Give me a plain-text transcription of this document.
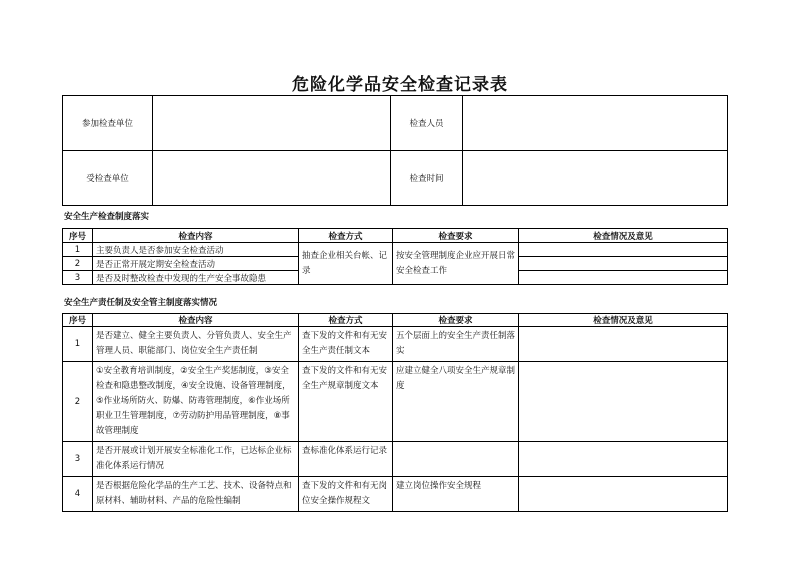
危险化学品安全检查记录表
参加检查单位		检查人员	
受检查单位		检查时间	
安全生产检查制度落实
序号	检查内容	检查方式	检查要求	检查情况及意见
1	主要负责人是否参加安全检查活动	抽查企业相关台帐、记录	按安全管理制度企业应开展日常安全检查工作	
2	是否正常开展定期安全检查活动			
3	是否及时整改检查中发现的生产安全事故隐患			
安全生产责任制及安全管主制度落实情况
序号	检查内容	检查方式	检查要求	检查情况及意见
1	是否建立、健全主要负责人、分管负责人、安全生产管理人员、职能部门、岗位安全生产责任制	查下发的文件和有无安全生产责任制文本	五个层面上的安全生产责任制落实	
2	①安全教育培训制度，②安全生产奖惩制度，③安全检查和隐患整改制度，④安全设施、设备管理制度，⑤作业场所防火、防爆、防毒管理制度，⑥作业场所职业卫生管理制度，⑦劳动防护用品管理制度，⑧事故管理制度	查下发的文件和有无安全生产规章制度文本	应建立健全八项安全生产规章制度	
3	是否开展或计划开展安全标准化工作，已达标企业标准化体系运行情况	查标准化体系运行记录		
4	是否根据危险化学品的生产工艺、技术、设备特点和原材料、辅助材料、产品的危险性编制	查下发的文件和有无岗位安全操作规程文	建立岗位操作安全规程	
